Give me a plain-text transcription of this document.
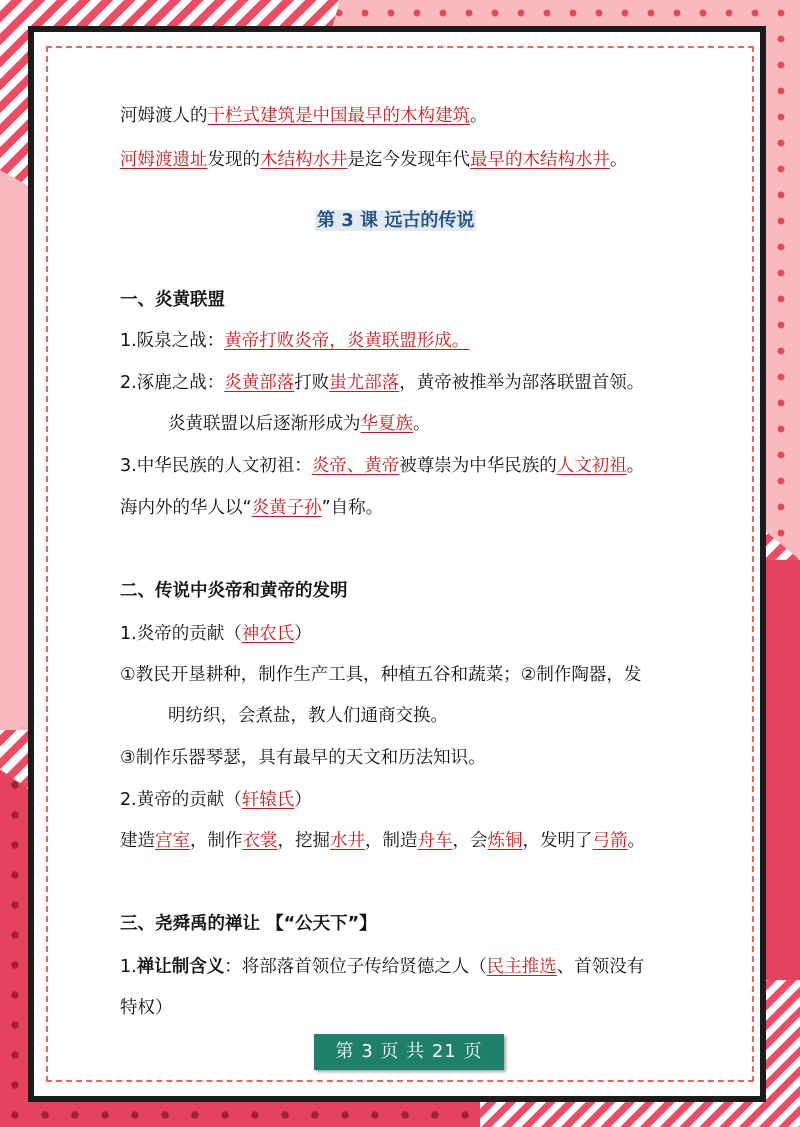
河姆渡人的干栏式建筑是中国最早的木构建筑。
河姆渡遗址发现的木结构水井是迄今发现年代最早的木结构水井。
第 3 课 远古的传说
一、炎黄联盟
1.阪泉之战：黄帝打败炎帝，炎黄联盟形成。
2.涿鹿之战：炎黄部落打败蚩尤部落，黄帝被推举为部落联盟首领。
炎黄联盟以后逐渐形成为华夏族。
3.中华民族的人文初祖：炎帝、黄帝被尊崇为中华民族的人文初祖。
海内外的华人以“炎黄子孙”自称。
二、传说中炎帝和黄帝的发明
1.炎帝的贡献（神农氏）
①教民开垦耕种，制作生产工具，种植五谷和蔬菜；②制作陶器，发
明纺织，会煮盐，教人们通商交换。
③制作乐器琴瑟，具有最早的天文和历法知识。
2.黄帝的贡献（轩辕氏）
建造宫室，制作衣裳，挖掘水井，制造舟车，会炼铜，发明了弓箭。
三、尧舜禹的禅让 【“公天下”】
1.禅让制含义：将部落首领位子传给贤德之人（民主推选、首领没有
特权）
第 3 页 共 21 页
